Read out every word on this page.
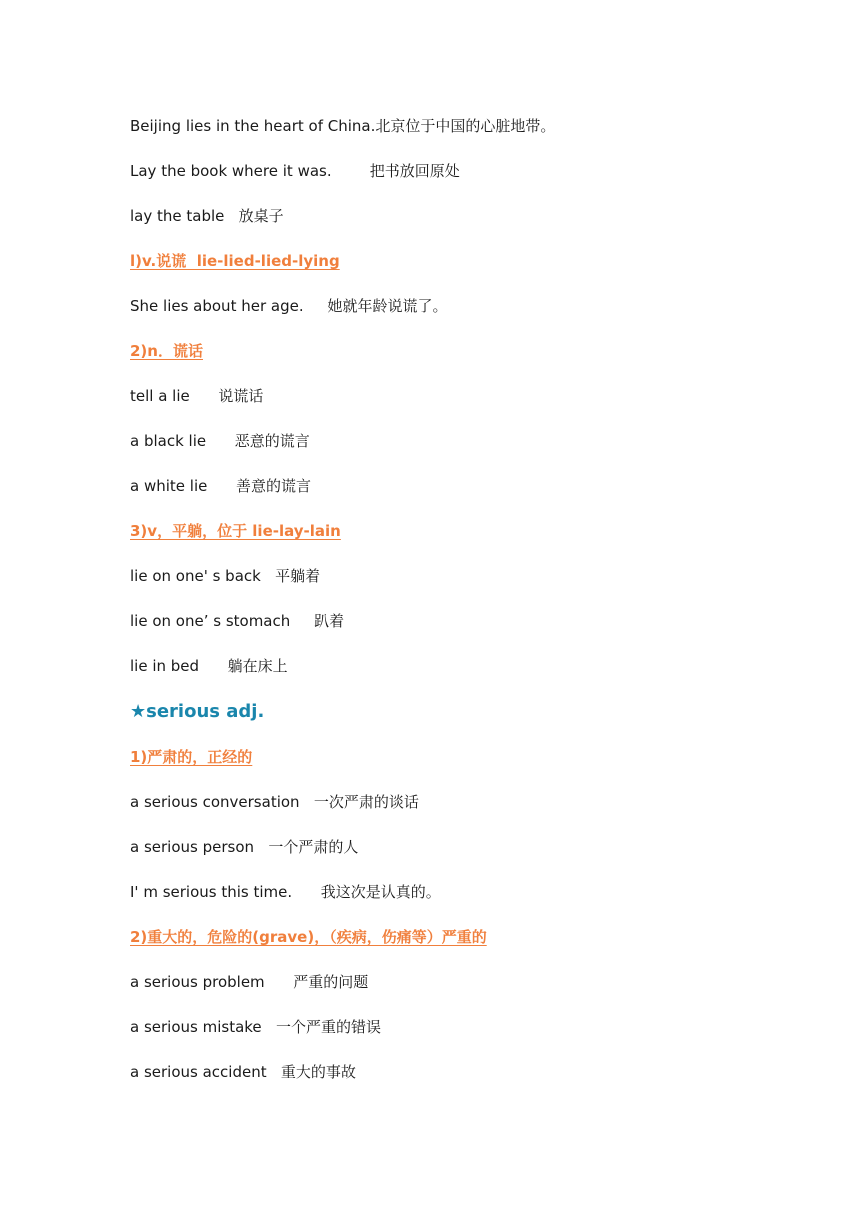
Beijing lies in the heart of China.北京位于中国的心脏地带。
Lay the book where it was.        把书放回原处
lay the table   放桌子
l)v.说谎  lie-lied-lied-lying
She lies about her age.     她就年龄说谎了。
2)n．谎话
tell a lie      说谎话
a black lie      恶意的谎言
a white lie      善意的谎言
3)v，平躺，位于 lie-lay-lain
lie on one' s back   平躺着
lie on one’ s stomach     趴着
lie in bed      躺在床上
★serious adj.
1)严肃的，正经的
a serious conversation   一次严肃的谈话
a serious person   一个严肃的人
I' m serious this time.      我这次是认真的。
2)重大的，危险的(grave)，（疾病，伤痛等）严重的
a serious problem      严重的问题
a serious mistake   一个严重的错误
a serious accident   重大的事故
